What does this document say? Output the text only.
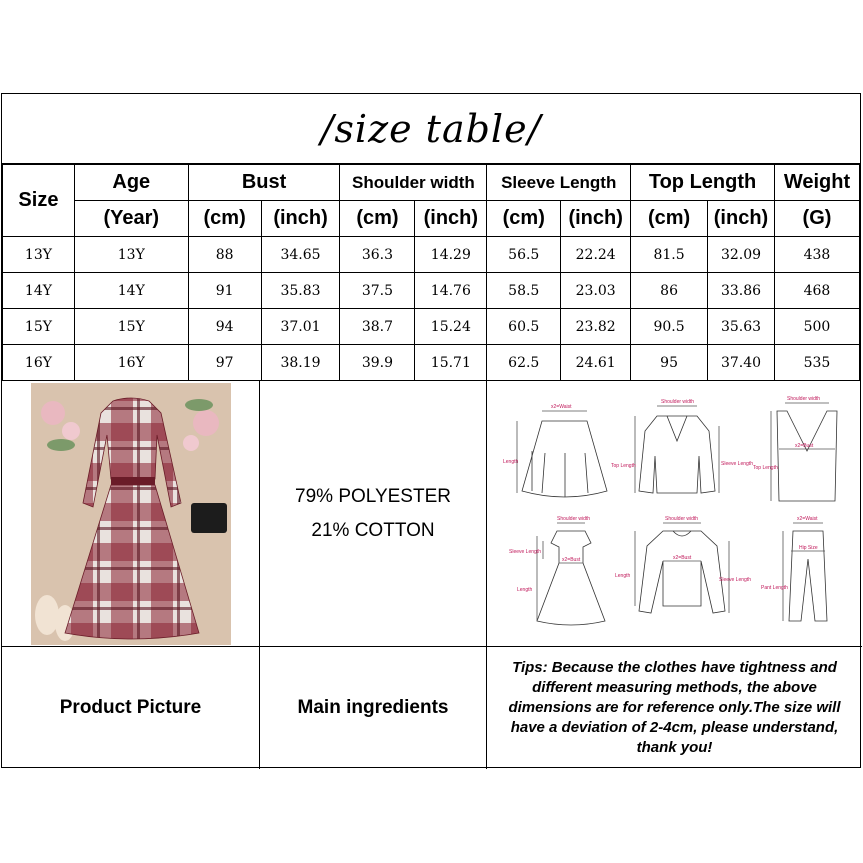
/size table/
Size	Age	Bust		Shoulder width		Sleeve Length		Top Length		Weight
	(Year)	(cm)	(inch)	(cm)	(inch)	(cm)	(inch)	(cm)	(inch)	(G)
13Y	13Y	88	34.65	36.3	14.29	56.5	22.24	81.5	32.09	438
14Y	14Y	91	35.83	37.5	14.76	58.5	23.03	86	33.86	468
15Y	15Y	94	37.01	38.7	15.24	60.5	23.82	90.5	35.63	500
16Y	16Y	97	38.19	39.9	15.71	62.5	24.61	95	37.40	535
79% POLYESTER
21% COTTON
x2=Waist
Length
Shoulder width
Top Length	Sleeve Length
Shoulder width
x2=Bust
Top Length
Shoulder width
x2=Bust
Sleeve Length
Length
Shoulder width
x2=Bust
Length
Sleeve Length
x2=Waist
Hip Size
Pant Length
Product Picture	Main ingredients
Tips: Because the clothes have tightness and different measuring methods, the above dimensions are for reference only.The size will have a deviation of 2-4cm, please understand, thank you!
